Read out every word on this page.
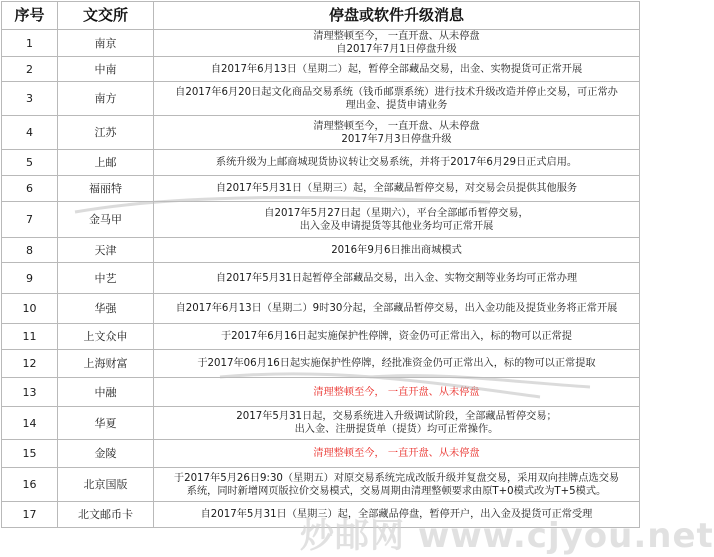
序号	文交所	停盘或软件升级消息
1	南京	清理整顿至今， 一直开盘、从未停盘
自2017年7月1日停盘升级

2	中南	自2017年6月13日（星期二）起，暂停全部藏品交易，出金、实物提货可正常开展

3	南方	自2017年6月20日起文化商品交易系统（钱币邮票系统）进行技术升级改造并停止交易，可正常办
理出金、提货申请业务

4	江苏	清理整顿至今， 一直开盘、从未停盘
2017年7月3日停盘升级

5	上邮	系统升级为上邮商城现货协议转让交易系统，并将于2017年6月29日正式启用。

6	福丽特	自2017年5月31日（星期三）起，全部藏品暂停交易，对交易会员提供其他服务

7	金马甲	自2017年5月27日起（星期六），平台全部邮币暂停交易，
出入金及申请提货等其他业务均可正常开展

8	天津	2016年9月6日推出商城模式

9	中艺	自2017年5月31日起暂停全部藏品交易，出入金、实物交割等业务均可正常办理

10	华强	自2017年6月13日（星期二）9时30分起，全部藏品暂停交易，出入金功能及提货业务将正常开展

11	上文众申	于2017年6月16日起实施保护性停牌，资金仍可正常出入，标的物可以正常提

12	上海财富	于2017年06月16日起实施保护性停牌，经批准资金仍可正常出入，标的物可以正常提取

13	中融	清理整顿至今， 一直开盘、从未停盘

14	华夏	2017年5月31日起，交易系统进入升级调试阶段，全部藏品暂停交易；
出入金、注册提货单（提货）均可正常操作。

15	金陵	清理整顿至今， 一直开盘、从未停盘

16	北京国版	于2017年5月26日9:30（星期五）对原交易系统完成改版升级并复盘交易，采用双向挂牌点选交易
系统，同时新增网页版拉价交易模式，交易周期由清理整顿要求由原T+0模式改为T+5模式。

17	北文邮币卡	自2017年5月31日（星期三）起，全部藏品停盘，暂停开户，出入金及提货可正常受理
炒邮网 www.cjyou.net
